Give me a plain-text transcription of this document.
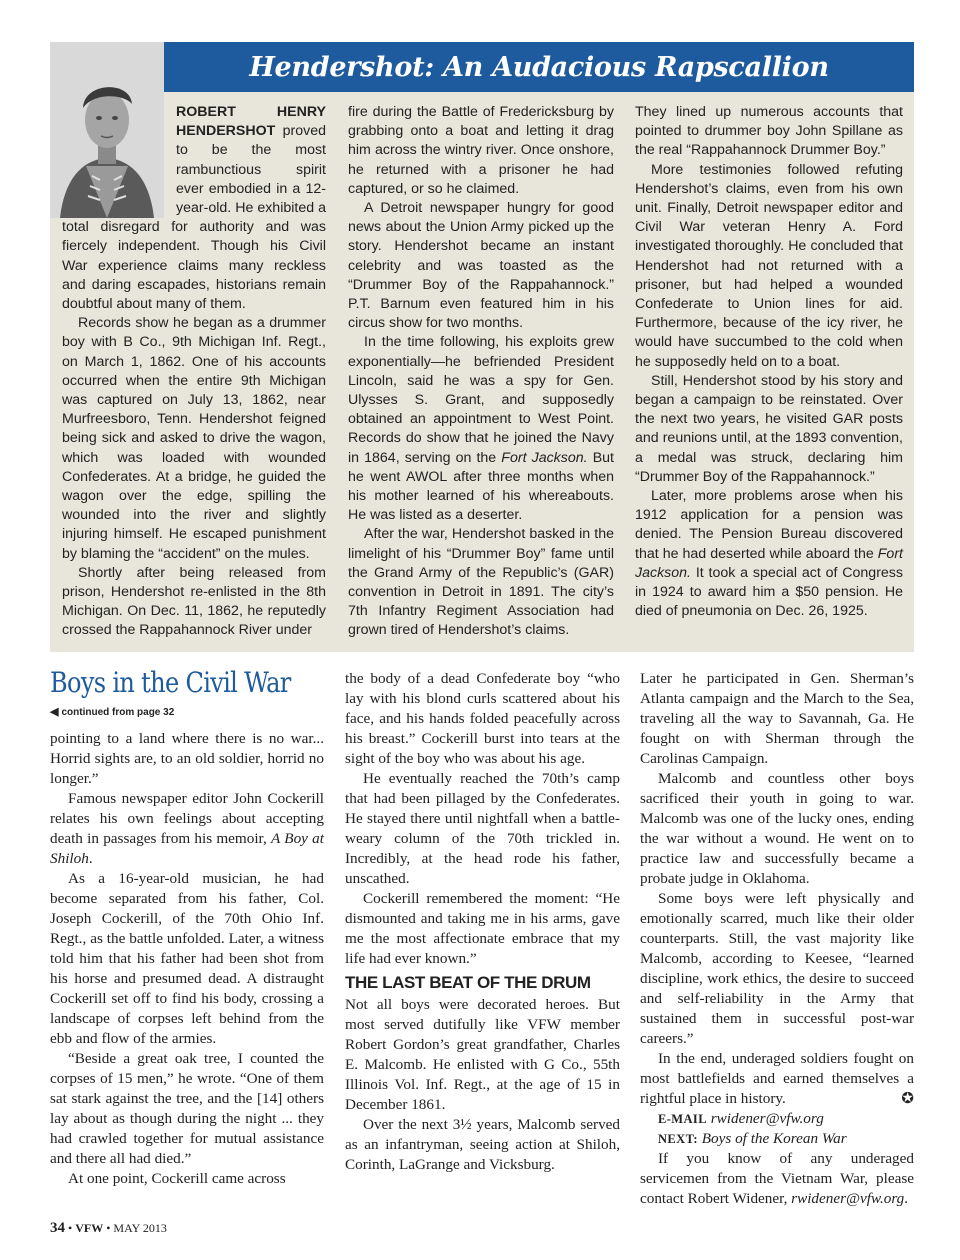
Hendershot: An Audacious Rapscallion

ROBERT HENRY HENDERSHOT proved to be the most rambunctious spirit ever embodied in a 12-year-old. He exhibited a total disregard for authority and was fiercely independent. Though his Civil War experience claims many reckless and daring escapades, historians remain doubtful about many of them.

Records show he began as a drummer boy with B Co., 9th Michigan Inf. Regt., on March 1, 1862. One of his accounts occurred when the entire 9th Michigan was captured on July 13, 1862, near Murfreesboro, Tenn. Hendershot feigned being sick and asked to drive the wagon, which was loaded with wounded Confederates. At a bridge, he guided the wagon over the edge, spilling the wounded into the river and slightly injuring himself. He escaped punishment by blaming the “accident” on the mules.

Shortly after being released from prison, Hendershot re-enlisted in the 8th Michigan. On Dec. 11, 1862, he reputedly crossed the Rappahannock River under

fire during the Battle of Fredericksburg by grabbing onto a boat and letting it drag him across the wintry river. Once onshore, he returned with a prisoner he had captured, or so he claimed.

A Detroit newspaper hungry for good news about the Union Army picked up the story. Hendershot became an instant celebrity and was toasted as the “Drummer Boy of the Rappahannock.” P.T. Barnum even featured him in his circus show for two months.

In the time following, his exploits grew exponentially—he befriended President Lincoln, said he was a spy for Gen. Ulysses S. Grant, and supposedly obtained an appointment to West Point. Records do show that he joined the Navy in 1864, serving on the Fort Jackson. But he went AWOL after three months when his mother learned of his whereabouts. He was listed as a deserter.

After the war, Hendershot basked in the limelight of his “Drummer Boy” fame until the Grand Army of the Republic’s (GAR) convention in Detroit in 1891. The city’s 7th Infantry Regiment Association had grown tired of Hendershot’s claims.

They lined up numerous accounts that pointed to drummer boy John Spillane as the real “Rappahannock Drummer Boy.”

More testimonies followed refuting Hendershot’s claims, even from his own unit. Finally, Detroit newspaper editor and Civil War veteran Henry A. Ford investigated thoroughly. He concluded that Hendershot had not returned with a prisoner, but had helped a wounded Confederate to Union lines for aid. Furthermore, because of the icy river, he would have succumbed to the cold when he supposedly held on to a boat.

Still, Hendershot stood by his story and began a campaign to be reinstated. Over the next two years, he visited GAR posts and reunions until, at the 1893 convention, a medal was struck, declaring him “Drummer Boy of the Rappahannock.”

Later, more problems arose when his 1912 application for a pension was denied. The Pension Bureau discovered that he had deserted while aboard the Fort Jackson. It took a special act of Congress in 1924 to award him a $50 pension. He died of pneumonia on Dec. 26, 1925.

Boys in the Civil War
◀ continued from page 32

pointing to a land where there is no war... Horrid sights are, to an old soldier, horrid no longer.”

Famous newspaper editor John Cockerill relates his own feelings about accepting death in passages from his memoir, A Boy at Shiloh.

As a 16-year-old musician, he had become separated from his father, Col. Joseph Cockerill, of the 70th Ohio Inf. Regt., as the battle unfolded. Later, a witness told him that his father had been shot from his horse and presumed dead. A distraught Cockerill set off to find his body, crossing a landscape of corpses left behind from the ebb and flow of the armies.

“Beside a great oak tree, I counted the corpses of 15 men,” he wrote. “One of them sat stark against the tree, and the [14] others lay about as though during the night ... they had crawled together for mutual assistance and there all had died.”

At one point, Cockerill came across

the body of a dead Confederate boy “who lay with his blond curls scattered about his face, and his hands folded peacefully across his breast.” Cockerill burst into tears at the sight of the boy who was about his age.

He eventually reached the 70th’s camp that had been pillaged by the Confederates. He stayed there until nightfall when a battle-weary column of the 70th trickled in. Incredibly, at the head rode his father, unscathed.

Cockerill remembered the moment: “He dismounted and taking me in his arms, gave me the most affectionate embrace that my life had ever known.”

THE LAST BEAT OF THE DRUM

Not all boys were decorated heroes. But most served dutifully like VFW member Robert Gordon’s great grandfather, Charles E. Malcomb. He enlisted with G Co., 55th Illinois Vol. Inf. Regt., at the age of 15 in December 1861.

Over the next 3½ years, Malcomb served as an infantryman, seeing action at Shiloh, Corinth, LaGrange and Vicksburg.

Later he participated in Gen. Sherman’s Atlanta campaign and the March to the Sea, traveling all the way to Savannah, Ga. He fought on with Sherman through the Carolinas Campaign.

Malcomb and countless other boys sacrificed their youth in going to war. Malcomb was one of the lucky ones, ending the war without a wound. He went on to practice law and successfully became a probate judge in Oklahoma.

Some boys were left physically and emotionally scarred, much like their older counterparts. Still, the vast majority like Malcomb, according to Keesee, “learned discipline, work ethics, the desire to succeed and self-reliability in the Army that sustained them in successful post-war careers.”

In the end, underaged soldiers fought on most battlefields and earned themselves a rightful place in history.	✪

E-MAIL rwidener@vfw.org

NEXT: Boys of the Korean War

If you know of any underaged servicemen from the Vietnam War, please contact Robert Widener, rwidener@vfw.org.

34 • VFW • MAY 2013
